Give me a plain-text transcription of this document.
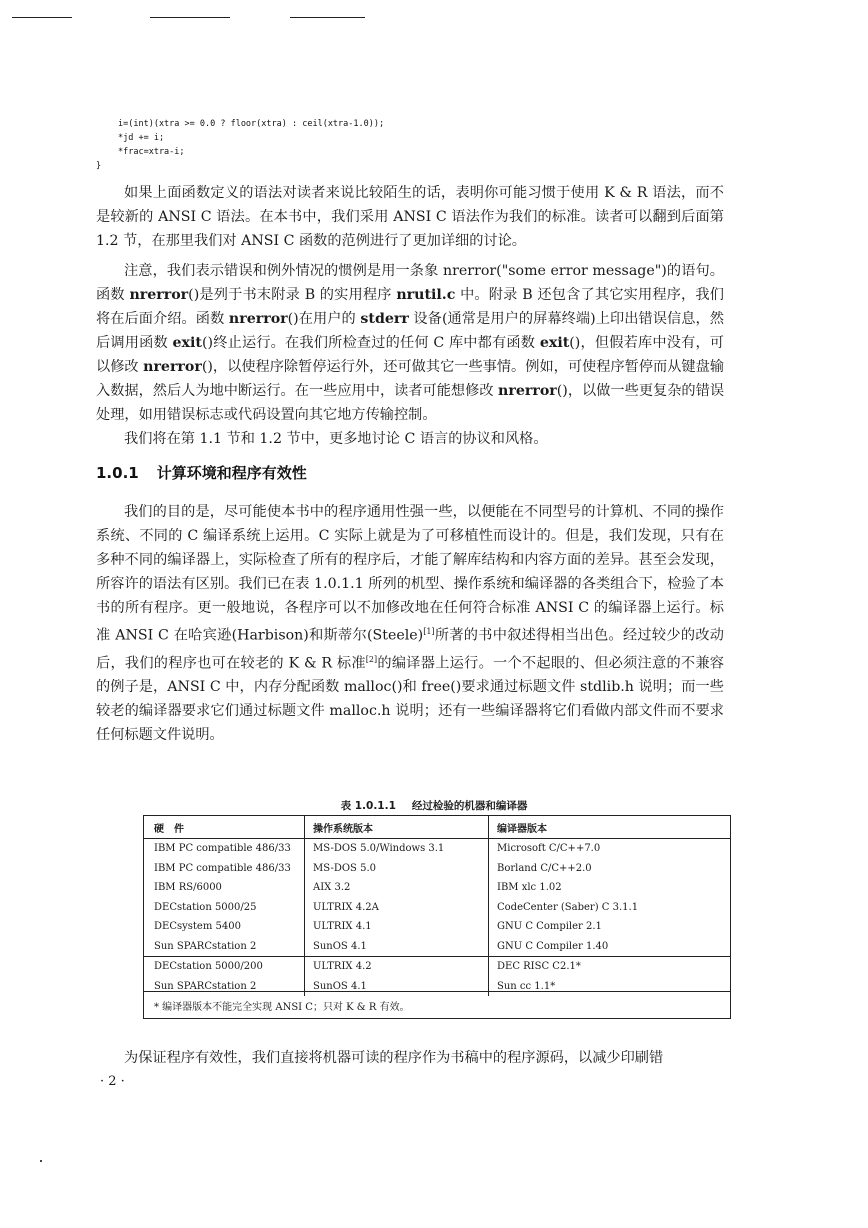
i=(int)(xtra >= 0.0 ? floor(xtra) : ceil(xtra-1.0));
*jd += i;
*frac=xtra-i;
}
如果上面函数定义的语法对读者来说比较陌生的话，表明你可能习惯于使用 K & R 语法，而不是较新的 ANSI C 语法。在本书中，我们采用 ANSI C 语法作为我们的标准。读者可以翻到后面第 1.2 节，在那里我们对 ANSI C 函数的范例进行了更加详细的讨论。
注意，我们表示错误和例外情况的惯例是用一条象 nrerror("some error message")的语句。函数 nrerror()是列于书末附录 B 的实用程序 nrutil.c 中。附录 B 还包含了其它实用程序，我们将在后面介绍。函数 nrerror()在用户的 stderr 设备(通常是用户的屏幕终端)上印出错误信息，然后调用函数 exit()终止运行。在我们所检查过的任何 C 库中都有函数 exit()，但假若库中没有，可以修改 nrerror()，以使程序除暂停运行外，还可做其它一些事情。例如，可使程序暂停而从键盘输入数据，然后人为地中断运行。在一些应用中，读者可能想修改 nrerror()，以做一些更复杂的错误处理，如用错误标志或代码设置向其它地方传输控制。
我们将在第 1.1 节和 1.2 节中，更多地讨论 C 语言的协议和风格。
1.0.1 计算环境和程序有效性
我们的目的是，尽可能使本书中的程序通用性强一些，以便能在不同型号的计算机、不同的操作系统、不同的 C 编译系统上运用。C 实际上就是为了可移植性而设计的。但是，我们发现，只有在多种不同的编译器上，实际检查了所有的程序后，才能了解库结构和内容方面的差异。甚至会发现，所容许的语法有区别。我们已在表 1.0.1.1 所列的机型、操作系统和编译器的各类组合下，检验了本书的所有程序。更一般地说，各程序可以不加修改地在任何符合标准 ANSI C 的编译器上运行。标准 ANSI C 在哈宾逊(Harbison)和斯蒂尔(Steele)[1]所著的书中叙述得相当出色。经过较少的改动后，我们的程序也可在较老的 K & R 标准[2]的编译器上运行。一个不起眼的、但必须注意的不兼容的例子是，ANSI C 中，内存分配函数 malloc()和 free()要求通过标题文件 stdlib.h 说明；而一些较老的编译器要求它们通过标题文件 malloc.h 说明；还有一些编译器将它们看做内部文件而不要求任何标题文件说明。
表 1.0.1.1 经过检验的机器和编译器
硬　件	操作系统版本	编译器版本
IBM PC compatible 486/33	MS-DOS 5.0/Windows 3.1	Microsoft C/C++7.0
IBM PC compatible 486/33	MS-DOS 5.0	Borland C/C++2.0
IBM RS/6000	AIX 3.2	IBM xlc 1.02
DECstation 5000/25	ULTRIX 4.2A	CodeCenter (Saber) C 3.1.1
DECsystem 5400	ULTRIX 4.1	GNU C Compiler 2.1
Sun SPARCstation 2	SunOS 4.1	GNU C Compiler 1.40
DECstation 5000/200	ULTRIX 4.2	DEC RISC C2.1*
Sun SPARCstation 2	SunOS 4.1	Sun cc 1.1*
* 编译器版本不能完全实现 ANSI C；只对 K & R 有效。
为保证程序有效性，我们直接将机器可读的程序作为书稿中的程序源码，以减少印刷错
· 2 ·
